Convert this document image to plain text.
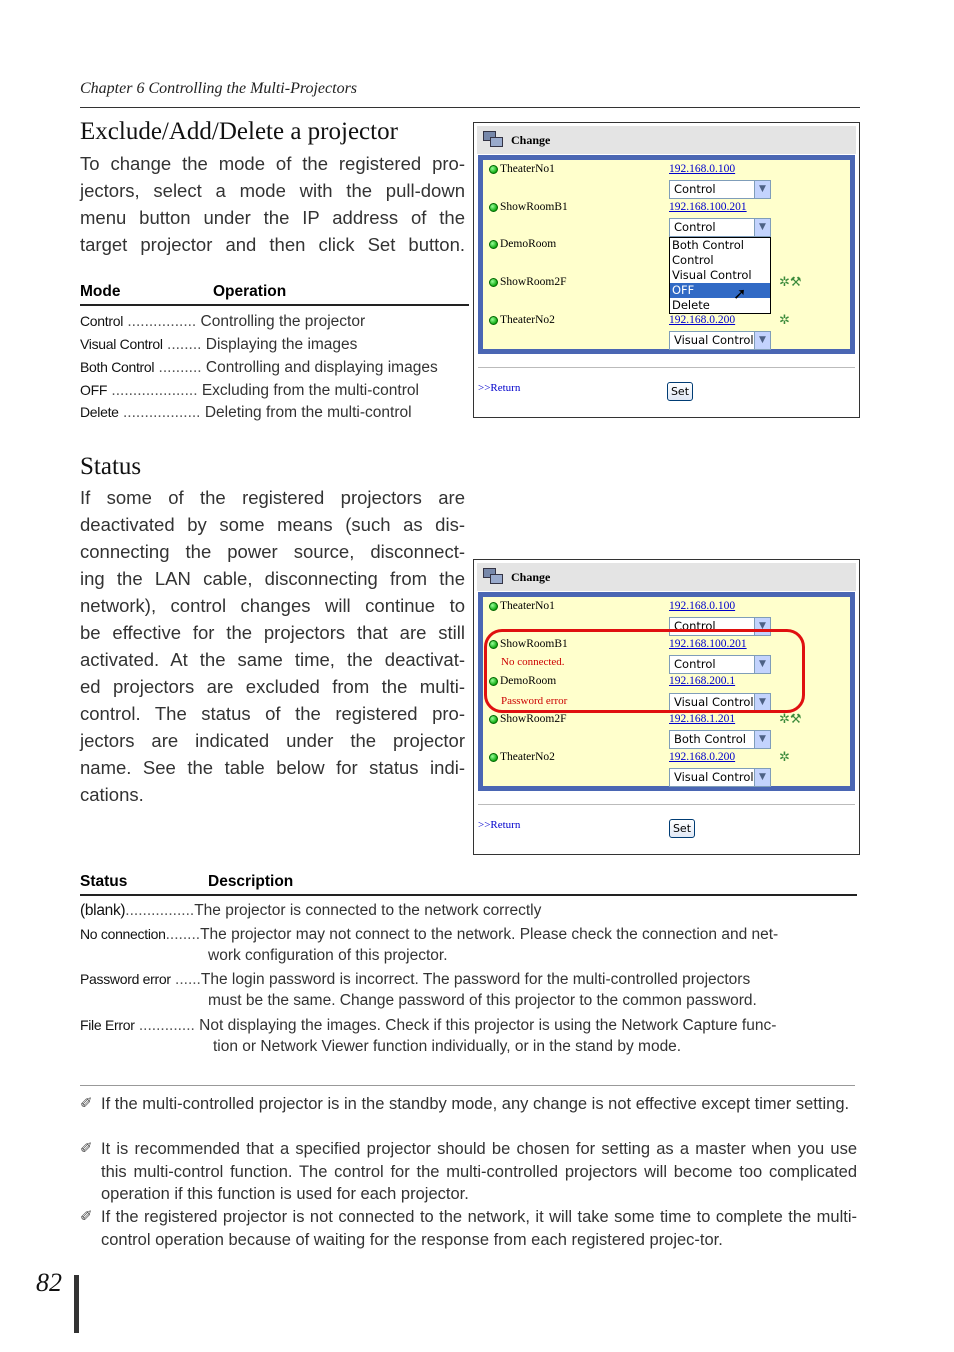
Chapter 6 Controlling the Multi-Projectors
Exclude/Add/Delete a projector
To change the mode of the registered pro-
jectors, select a mode with the pull-down
menu button under the IP address of the
target projector and then click Set button.
Mode	Operation
Control ................ Controlling the projector
Visual Control ........ Displaying the images
Both Control .......... Controlling and displaying images
OFF .................... Excluding from the multi-control
Delete .................. Deleting from the multi-control
Change
TheaterNo1	192.168.0.100
Control	▼
ShowRoomB1	192.168.100.201
Control	▼
Both Control
Control
Visual Control
OFF
Delete
➚
DemoRoom
ShowRoom2F	✲⚒
TheaterNo2	192.168.0.200	✲
Visual Control ▼
>>Return	Set
Status
If some of the registered projectors are
deactivated by some means (such as dis-
connecting the power source, disconnect-
ing the LAN cable, disconnecting from the
network), control changes will continue to
be effective for the projectors that are still
activated. At the same time, the deactivat-
ed projectors are excluded from the multi-
control. The status of the registered pro-
jectors are indicated under the projector
name. See the table below for status indi-
cations.
Change
TheaterNo1	192.168.0.100
Control	▼
ShowRoomB1	192.168.100.201
No connected.	Control	▼
DemoRoom	192.168.200.1
Password error	Visual Control ▼
ShowRoom2F	192.168.1.201	✲⚒
Both Control	▼
TheaterNo2	192.168.0.200	✲
Visual Control ▼
>>Return	Set
Status	Description
(blank)................The projector is connected to the network correctly
No connection........The projector may not connect to the network. Please check the connection and net-
work configuration of this projector.
Password error ......The login password is incorrect. The password for the multi-controlled projectors
must be the same. Change password of this projector to the common password.
File Error ............. Not displaying the images. Check if this projector is using the Network Capture func-
tion or Network Viewer function individually, or in the stand by mode.
✐ If the multi-controlled projector is in the standby mode, any change is not effective except timer setting.
✐ It is recommended that a specified projector should be chosen for setting as a master when you use this multi-control function. The control for the multi-controlled projectors will become too complicated operation if this function is used for each projector.
✐ If the registered projector is not connected to the network, it will take some time to complete the multi-control operation because of waiting for the response from each registered projec-tor.
82
